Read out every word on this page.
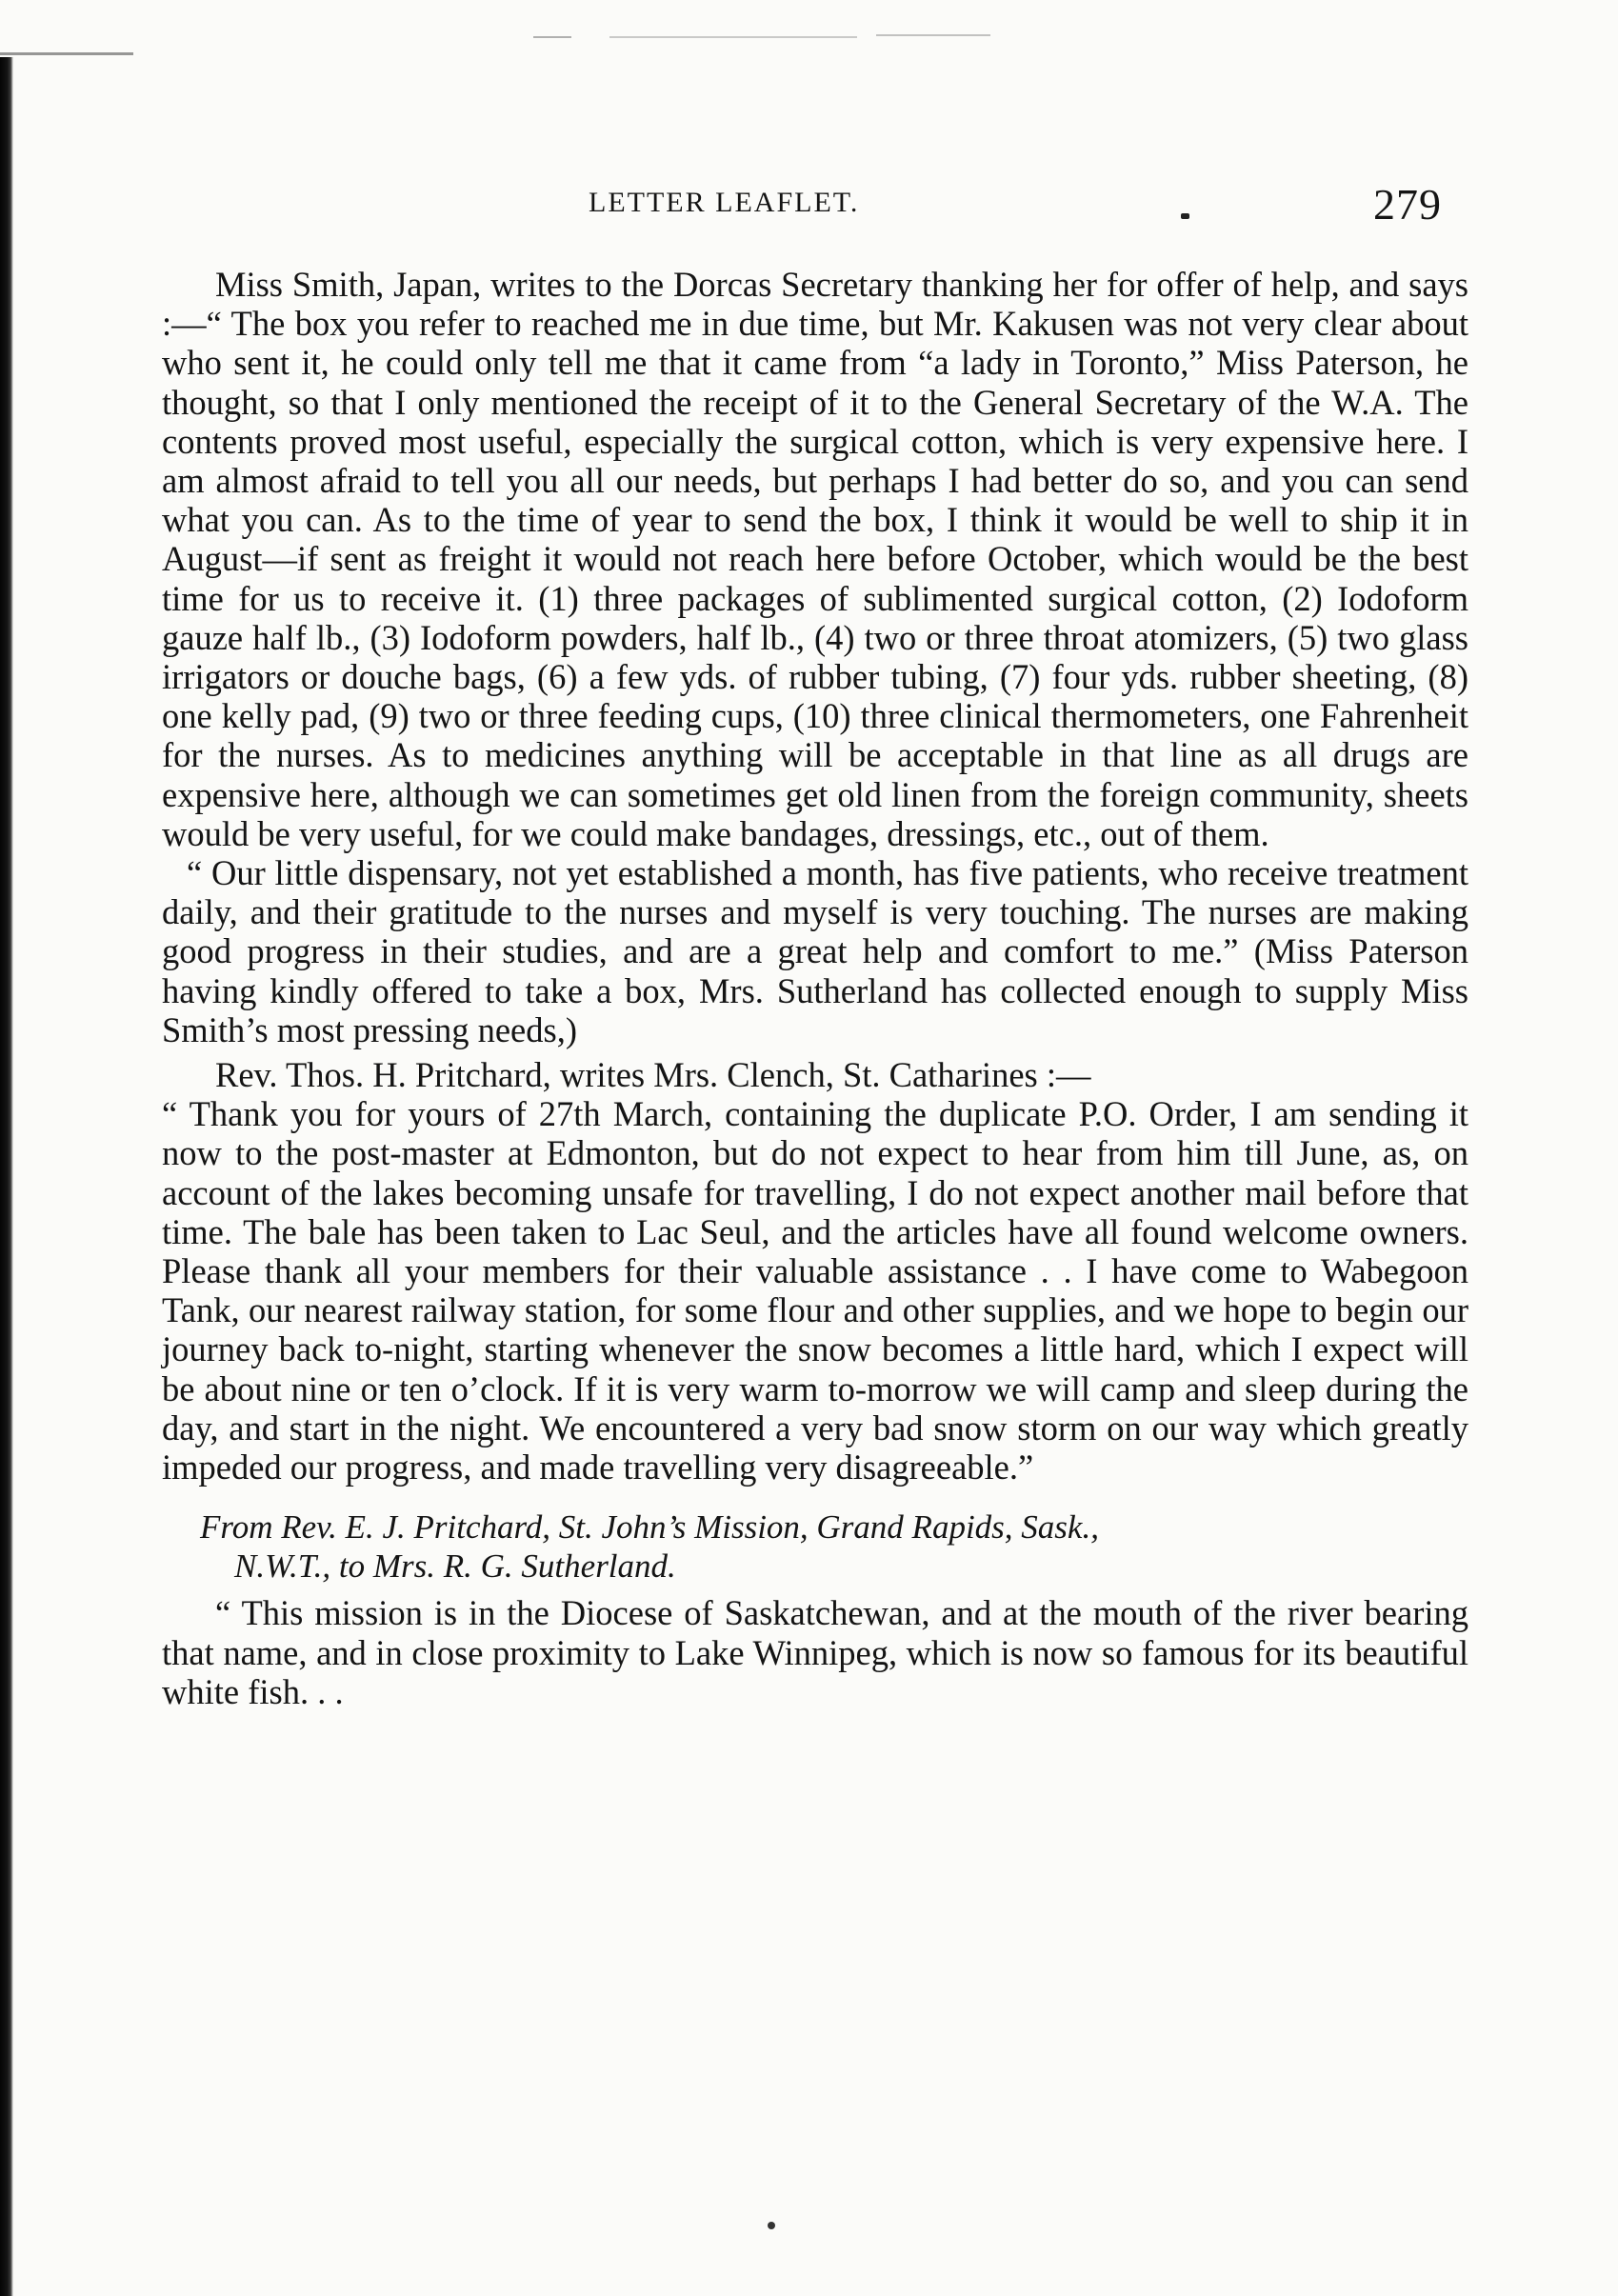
LETTER LEAFLET.	279

Miss Smith, Japan, writes to the Dorcas Secretary thanking her for offer of help, and says :—“ The box you refer to reached me in due time, but Mr. Kakusen was not very clear about who sent it, he could only tell me that it came from “a lady in Toronto,” Miss Paterson, he thought, so that I only mentioned the receipt of it to the General Secretary of the W.A. The contents proved most useful, especially the surgical cotton, which is very expensive here. I am almost afraid to tell you all our needs, but perhaps I had better do so, and you can send what you can. As to the time of year to send the box, I think it would be well to ship it in August—if sent as freight it would not reach here before October, which would be the best time for us to receive it. (1) three packages of sublimented surgical cotton, (2) Iodoform gauze half lb., (3) Iodoform powders, half lb., (4) two or three throat atomizers, (5) two glass irrigators or douche bags, (6) a few yds. of rubber tubing, (7) four yds. rubber sheeting, (8) one kelly pad, (9) two or three feeding cups, (10) three clinical thermometers, one Fahrenheit for the nurses. As to medicines anything will be acceptable in that line as all drugs are expensive here, although we can sometimes get old linen from the foreign community, sheets would be very useful, for we could make bandages, dressings, etc., out of them.

“ Our little dispensary, not yet established a month, has five patients, who receive treatment daily, and their gratitude to the nurses and myself is very touching. The nurses are making good progress in their studies, and are a great help and comfort to me.” (Miss Paterson having kindly offered to take a box, Mrs. Sutherland has collected enough to supply Miss Smith’s most pressing needs,)

Rev. Thos. H. Pritchard, writes Mrs. Clench, St. Catharines :—

“ Thank you for yours of 27th March, containing the duplicate P.O. Order, I am sending it now to the post-master at Edmonton, but do not expect to hear from him till June, as, on account of the lakes becoming unsafe for travelling, I do not expect another mail before that time. The bale has been taken to Lac Seul, and the articles have all found welcome owners. Please thank all your members for their valuable assistance . . I have come to Wabegoon Tank, our nearest railway station, for some flour and other supplies, and we hope to begin our journey back to-night, starting whenever the snow becomes a little hard, which I expect will be about nine or ten o’clock. If it is very warm to-morrow we will camp and sleep during the day, and start in the night. We encountered a very bad snow storm on our way which greatly impeded our progress, and made travelling very disagreeable.”

From Rev. E. J. Pritchard, St. John’s Mission, Grand Rapids, Sask.,
N.W.T., to Mrs. R. G. Sutherland.

“ This mission is in the Diocese of Saskatchewan, and at the mouth of the river bearing that name, and in close proximity to Lake Winnipeg, which is now so famous for its beautiful white fish. . .
